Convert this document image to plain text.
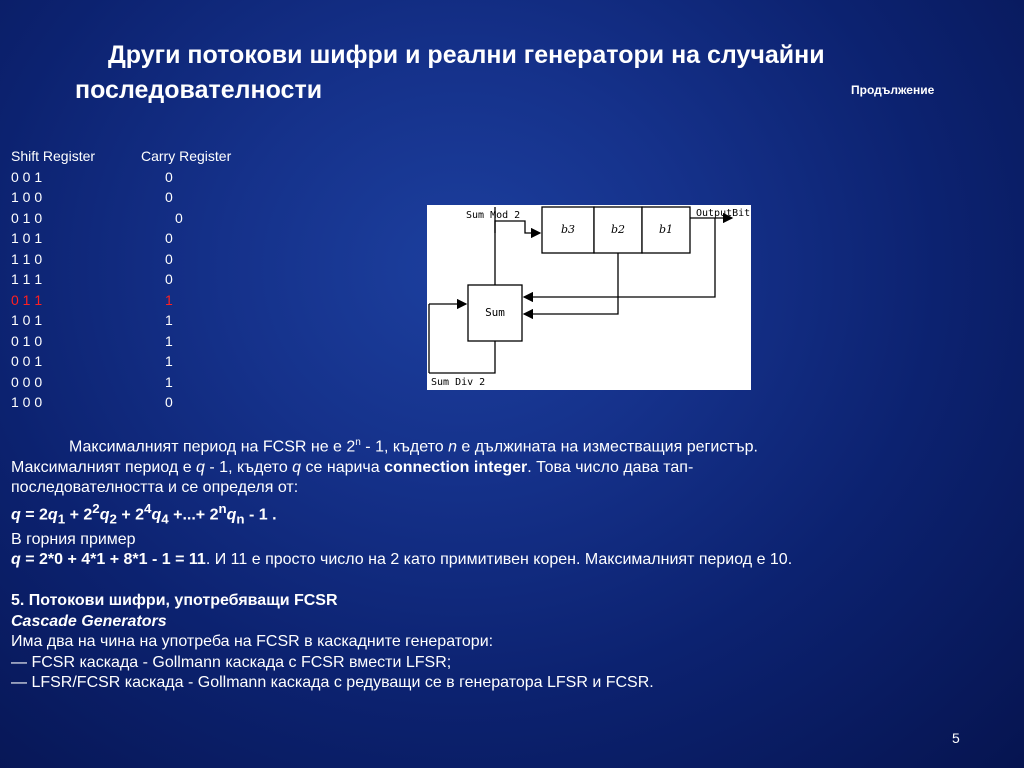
Други потокови шифри и реални генератори на случайни
последователности	Продължение
Shift Register	Carry Register
0 0 1	0
1 0 0	0
0 1 0	0
1 0 1	0
1 1 0	0
1 1 1	0
0 1 1	1
1 0 1	1
0 1 0	1
0 0 1	1
0 0 0	1
1 0 0	0
b3	b2	b1
OutputBit
Sum Mod 2
Sum
Sum Div 2

Максималният период на FCSR не е 2$^n$ - 1, където n е дължината на изместващия регистър.

Максималният период е q - 1, където q се нарича connection integer. Това число дава тап-

последователността и се определя от:

$q = 2q_1 + 2^2q_2 + 2^4q_4$ +...+ $2^nq_n - 1$ .

В горния пример

q = 2*0 + 4*1 + 8*1 - 1 = 11. И 11 е просто число на 2 като примитивен корен. Максималният период е 10.

5. Потокови шифри, употребяващи FCSR

Cascade Generators

Има два на чина на употреба на FCSR в каскадните генератори:

— FCSR каскада - Gollmann каскада с FCSR вмести LFSR;

— LFSR/FCSR каскада - Gollmann каскада с редуващи се в генератора LFSR и FCSR.

5
